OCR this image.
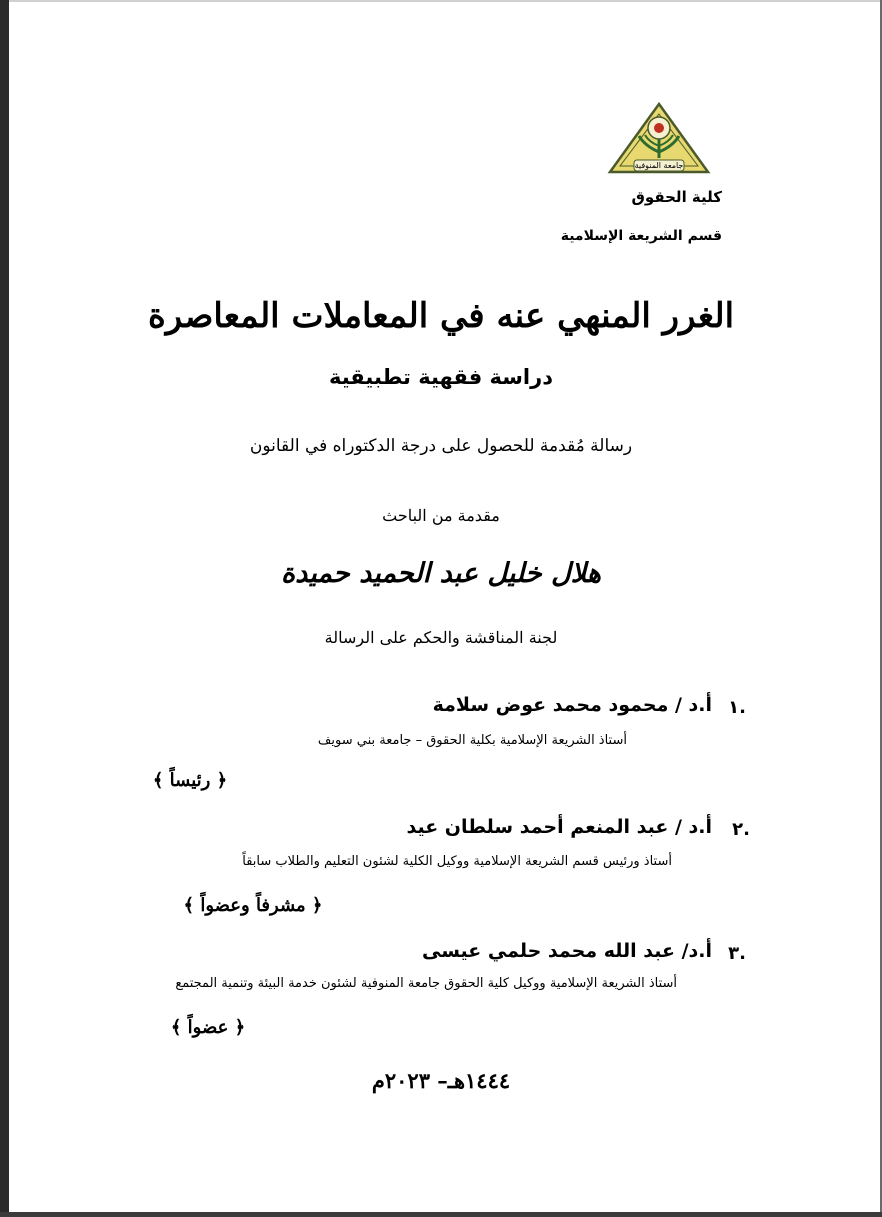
جامعة المنوفية
كلية الحقوق
قسم الشريعة الإسلامية
الغرر المنهي عنه في المعاملات المعاصرة
دراسة فقهية تطبيقية
رسالة مُقدمة للحصول على درجة الدكتوراه في القانون
مقدمة من الباحث
هلال خليل عبد الحميد حميدة
لجنة المناقشة والحكم على الرسالة
.١
أ.د / محمود محمد عوض سلامة
أستاذ الشريعة الإسلامية بكلية الحقوق – جامعة بني سويف
﴿ رئيساً ﴾
.٢
أ.د / عبد المنعم أحمد سلطان عيد
أستاذ ورئيس قسم الشريعة الإسلامية ووكيل الكلية لشئون التعليم والطلاب سابقاً
﴿ مشرفاً وعضواً ﴾
.٣
أ.د/ عبد الله محمد حلمي عيسى
أستاذ الشريعة الإسلامية ووكيل كلية الحقوق جامعة المنوفية لشئون خدمة البيئة وتنمية المجتمع
﴿ عضواً ﴾
١٤٤٤هـ– ٢٠٢٣م
